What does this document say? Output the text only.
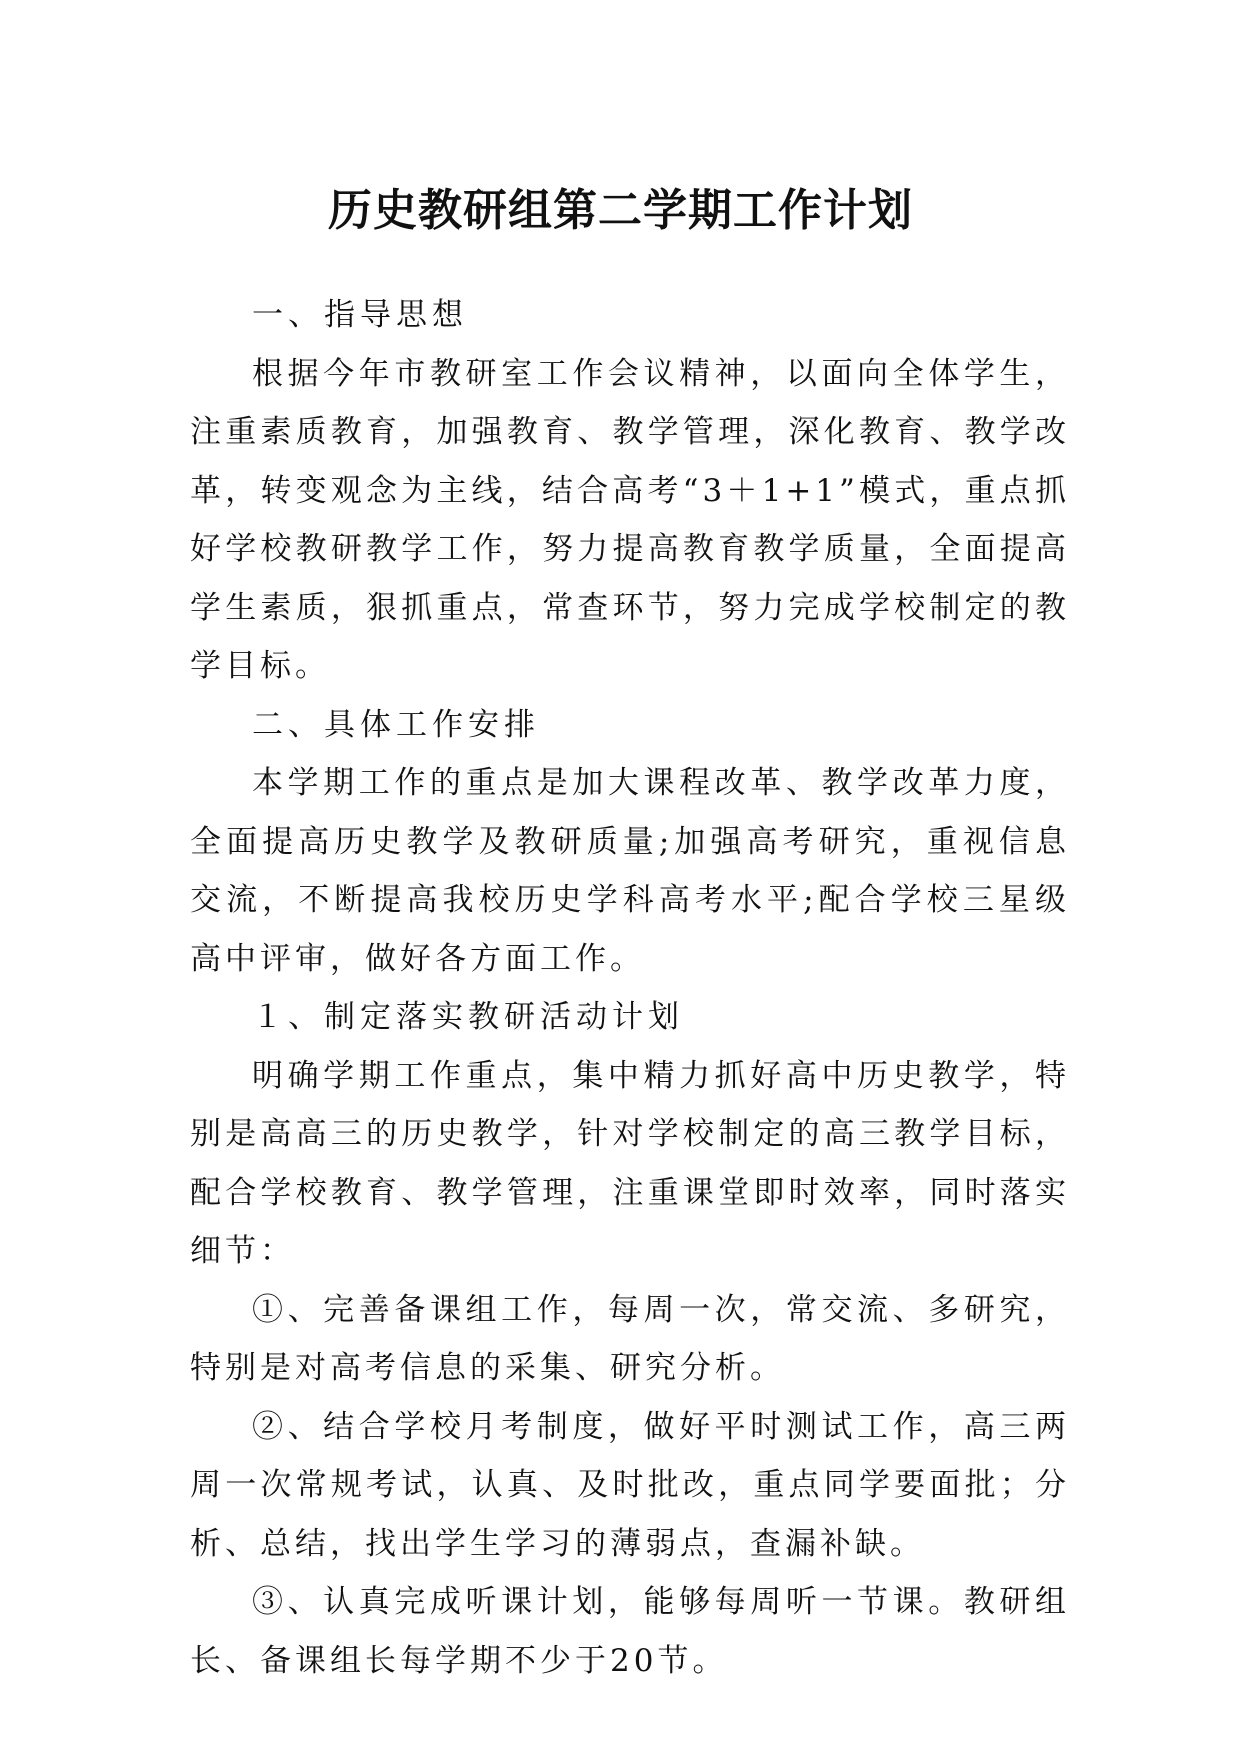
历史教研组第二学期工作计划

一、指导思想

根据今年市教研室工作会议精神，以面向全体学生，注重素质教育，加强教育、教学管理，深化教育、教学改革，转变观念为主线，结合高考“3＋1+1”模式，重点抓好学校教研教学工作，努力提高教育教学质量，全面提高学生素质，狠抓重点，常查环节，努力完成学校制定的教学目标。

二、具体工作安排

本学期工作的重点是加大课程改革、教学改革力度，全面提高历史教学及教研质量;加强高考研究，重视信息交流，不断提高我校历史学科高考水平;配合学校三星级高中评审，做好各方面工作。

１、制定落实教研活动计划

明确学期工作重点，集中精力抓好高中历史教学，特别是高高三的历史教学，针对学校制定的高三教学目标，配合学校教育、教学管理，注重课堂即时效率，同时落实细节：

①、完善备课组工作，每周一次，常交流、多研究，特别是对高考信息的采集、研究分析。

②、结合学校月考制度，做好平时测试工作，高三两周一次常规考试，认真、及时批改，重点同学要面批；分析、总结，找出学生学习的薄弱点，查漏补缺。

③、认真完成听课计划，能够每周听一节课。教研组长、备课组长每学期不少于20节。
